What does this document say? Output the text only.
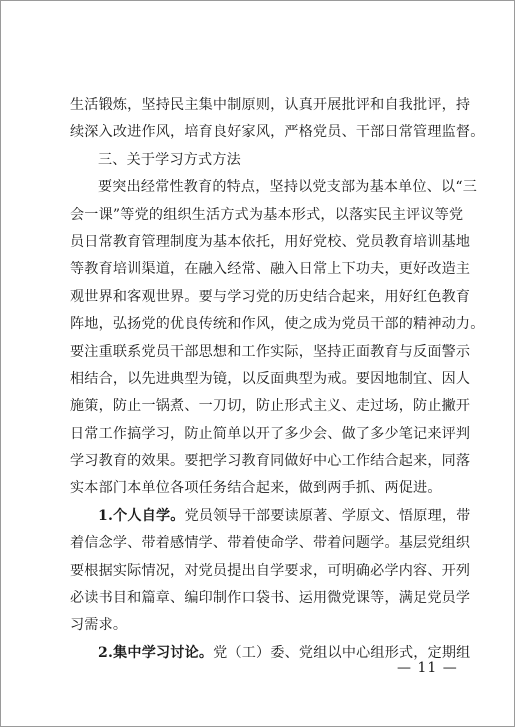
生活锻炼，坚持民主集中制原则，认真开展批评和自我批评，持
续深入改进作风，培育良好家风，严格党员、干部日常管理监督。
三、关于学习方式方法
要突出经常性教育的特点，坚持以党支部为基本单位、以“三
会一课”等党的组织生活方式为基本形式，以落实民主评议等党
员日常教育管理制度为基本依托，用好党校、党员教育培训基地
等教育培训渠道，在融入经常、融入日常上下功夫，更好改造主
观世界和客观世界。要与学习党的历史结合起来，用好红色教育
阵地，弘扬党的优良传统和作风，使之成为党员干部的精神动力。
要注重联系党员干部思想和工作实际，坚持正面教育与反面警示
相结合，以先进典型为镜，以反面典型为戒。要因地制宜、因人
施策，防止一锅煮、一刀切，防止形式主义、走过场，防止撇开
日常工作搞学习，防止简单以开了多少会、做了多少笔记来评判
学习教育的效果。要把学习教育同做好中心工作结合起来，同落
实本部门本单位各项任务结合起来，做到两手抓、两促进。
1.个人自学。党员领导干部要读原著、学原文、悟原理，带
着信念学、带着感情学、带着使命学、带着问题学。基层党组织
要根据实际情况，对党员提出自学要求，可明确必学内容、开列
必读书目和篇章、编印制作口袋书、运用微党课等，满足党员学
习需求。
2.集中学习讨论。党（工）委、党组以中心组形式，定期组
— 11 —
